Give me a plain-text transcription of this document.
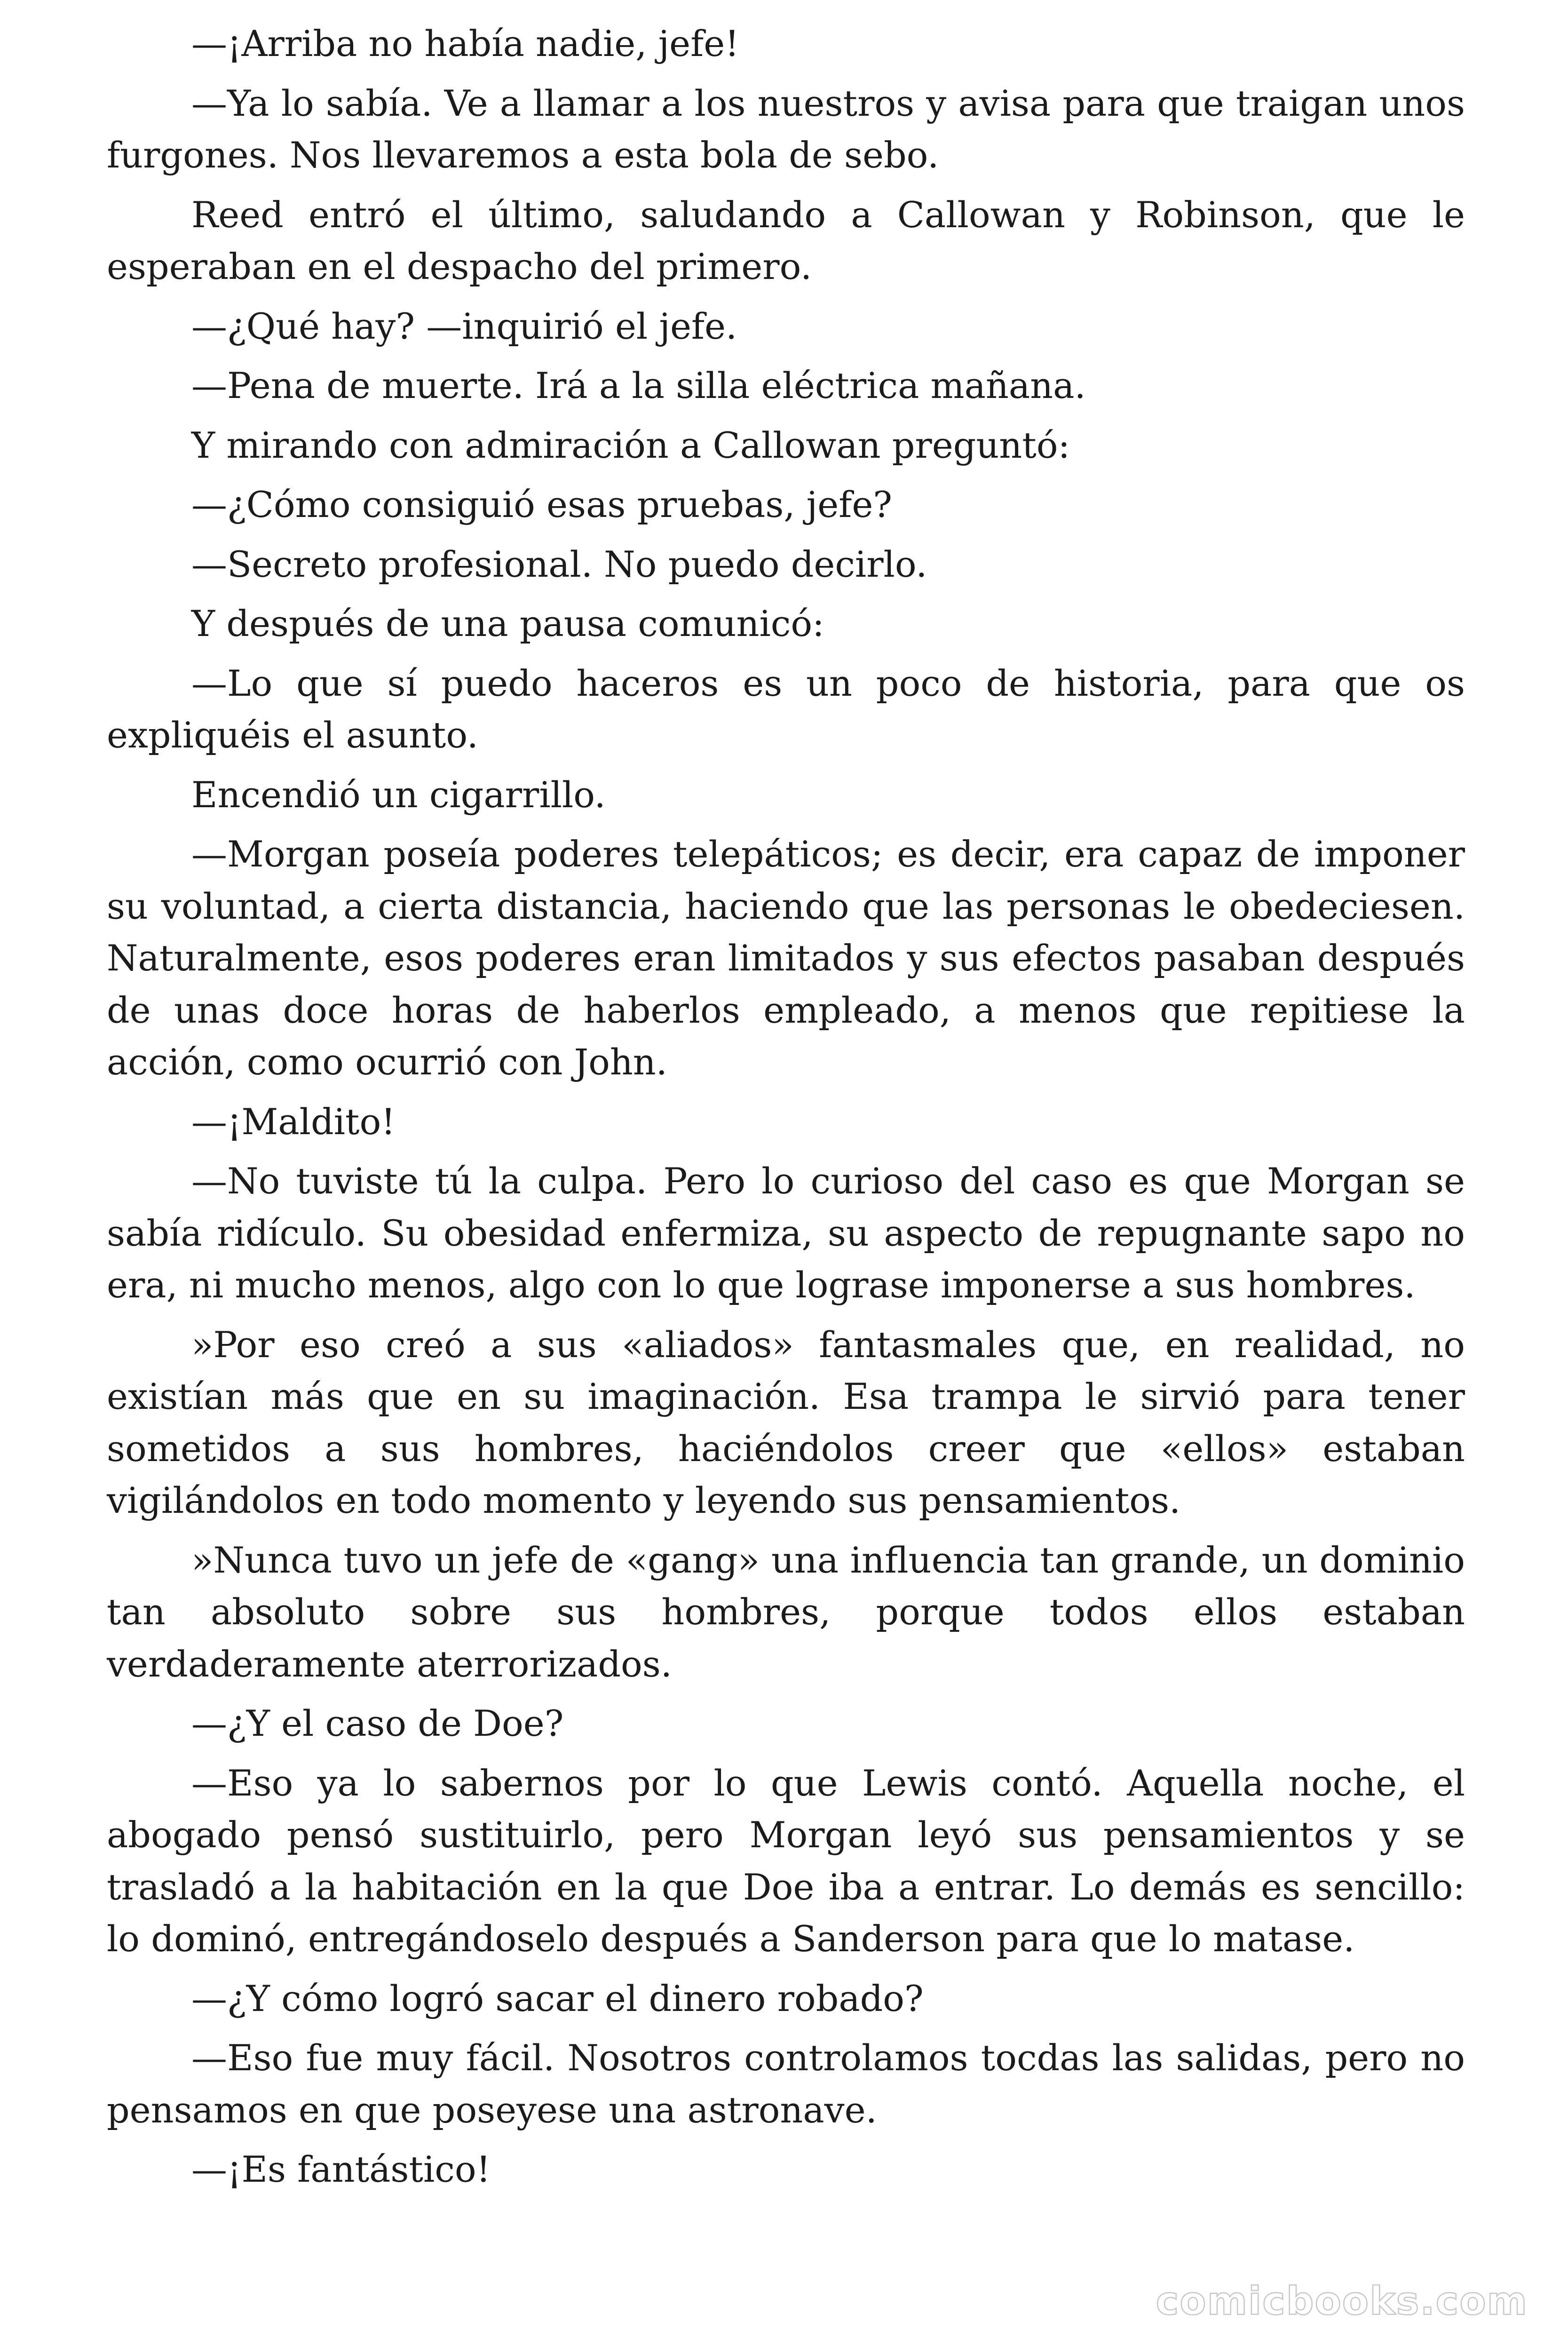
—¡Arriba no había nadie, jefe!

—Ya lo sabía. Ve a llamar a los nuestros y avisa para que traigan unos furgones. Nos llevaremos a esta bola de sebo.

Reed entró el último, saludando a Callowan y Robinson, que le esperaban en el despacho del primero.

—¿Qué hay? —inquirió el jefe.

—Pena de muerte. Irá a la silla eléctrica mañana.

Y mirando con admiración a Callowan preguntó:

—¿Cómo consiguió esas pruebas, jefe?

—Secreto profesional. No puedo decirlo.

Y después de una pausa comunicó:

—Lo que sí puedo haceros es un poco de historia, para que os expliquéis el asunto.

Encendió un cigarrillo.

—Morgan poseía poderes telepáticos; es decir, era capaz de imponer su voluntad, a cierta distancia, haciendo que las personas le obedeciesen. Naturalmente, esos poderes eran limitados y sus efectos pasaban después de unas doce horas de haberlos empleado, a menos que repitiese la acción, como ocurrió con John.

—¡Maldito!

—No tuviste tú la culpa. Pero lo curioso del caso es que Morgan se sabía ridículo. Su obesidad enfermiza, su aspecto de repugnante sapo no era, ni mucho menos, algo con lo que lograse imponerse a sus hombres.

»Por eso creó a sus «aliados» fantasmales que, en realidad, no existían más que en su imaginación. Esa trampa le sirvió para tener sometidos a sus hombres, haciéndolos creer que «ellos» estaban vigilándolos en todo momento y leyendo sus pensamientos.

»Nunca tuvo un jefe de «gang» una influencia tan grande, un dominio tan absoluto sobre sus hombres, porque todos ellos estaban verdaderamente aterrorizados.

—¿Y el caso de Doe?

—Eso ya lo sabernos por lo que Lewis contó. Aquella noche, el abogado pensó sustituirlo, pero Morgan leyó sus pensamientos y se trasladó a la habitación en la que Doe iba a entrar. Lo demás es sencillo: lo dominó, entregándoselo después a Sanderson para que lo matase.

—¿Y cómo logró sacar el dinero robado?

—Eso fue muy fácil. Nosotros controlamos tocdas las salidas, pero no pensamos en que poseyese una astronave.

—¡Es fantástico!

comicbooks.com
